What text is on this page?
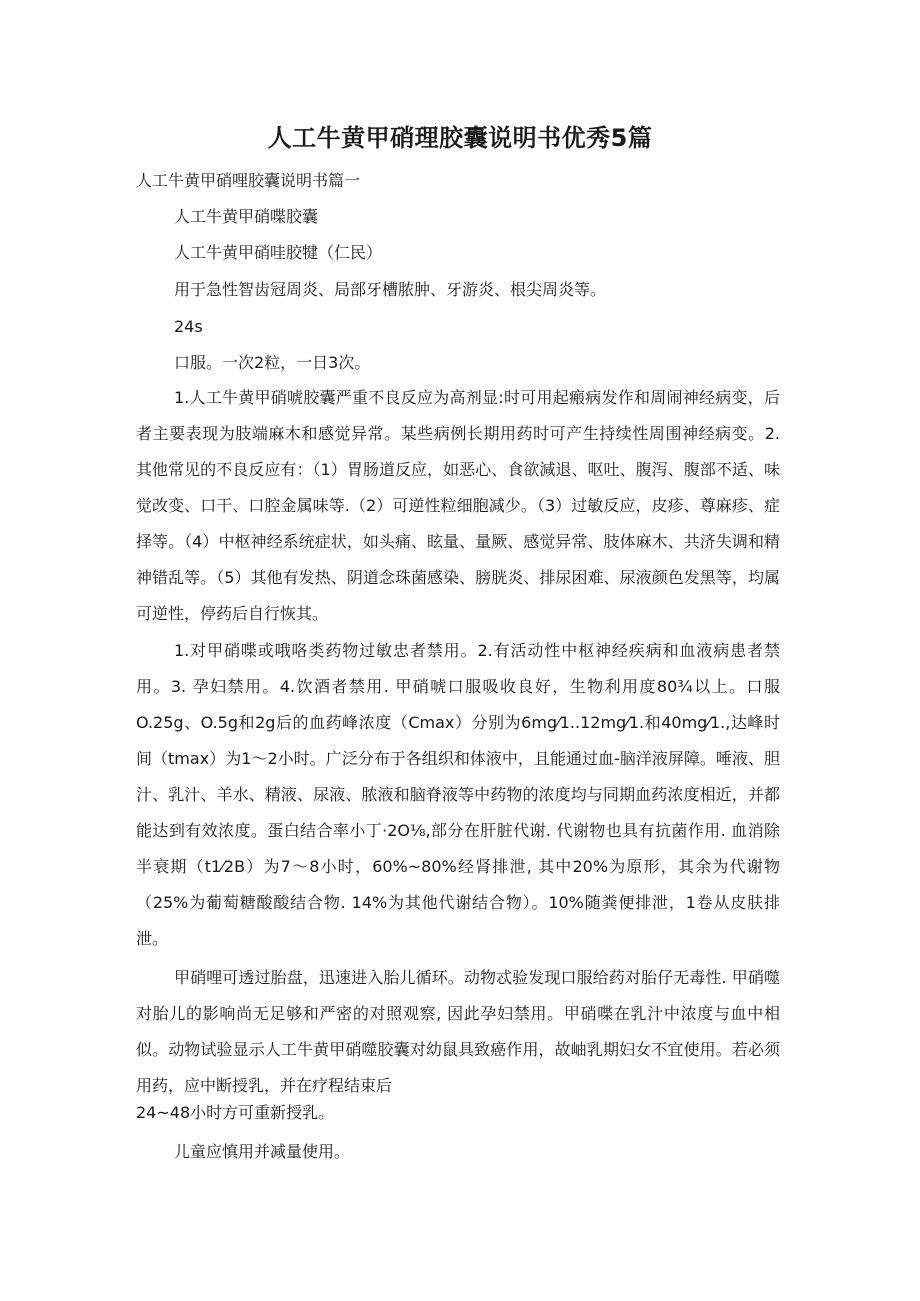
人工牛黄甲硝理胶囊说明书优秀5篇
人工牛黄甲硝哩胶囊说明书篇一
人工牛黄甲硝喋胶囊
人工牛黄甲硝哇胶犍（仁民）
用于急性智齿冠周炎、局部牙槽脓肿、牙游炎、根尖周炎等。
24s
口服。一次2粒，一日3次。
1.人工牛黄甲硝唬胶囊严重不良反应为高剂显:时可用起瘢病发作和周闹神经病变，后者主要表现为肢端麻木和感觉异常。某些病例长期用药时可产生持续性周围神经病变。2. 其他常见的不良反应有：（1）胃肠道反应，如恶心、食欲減退、呕吐、腹泻、腹部不适、味觉改变、口干、口腔金属味等.（2）可逆性粒细胞减少。（3）过敏反应，皮疹、尊麻疹、症择等。（4）中枢神经系统症状，如头痛、眩量、量厥、感觉异常、肢体麻木、共济失调和精神错乱等。（5）其他有发热、阴道念珠菌感染、膀胱炎、排尿困难、尿液颜色发黑等，均属可逆性，停药后自行恢其。
1.对甲硝喋或哦咯类药物过敏忠者禁用。2.有活动性中枢神经疾病和血液病患者禁用。3. 孕妇禁用。4.饮酒者禁用. 甲硝唬口服吸收良好，生物利用度80¾以上。口服O.25g、O.5g和2g后的血药峰浓度（Cmax）分别为6mg⁄1..12mg⁄1.和40mg⁄1.,达峰时间（tmax）为1〜2小时。广泛分布于各组织和体液中，且能通过血-脑洋液屏障。唾液、胆汁、乳汁、羊水、精液、尿液、脓液和脑脊液等中药物的浓度均与同期血药浓度相近，并都能达到有效浓度。蛋白结合率小丁·2O⅛,部分在肝脏代谢. 代谢物也具有抗菌作用. 血消除半衰期（t1⁄2B）为7〜8小时，60%~80%经肾排泄, 其中20%为原形，其余为代谢物（25%为葡萄糖酸酸结合物. 14%为其他代谢结合物）。10%随粪便排泄，1卷从皮肤排泄。
甲硝哩可透过胎盘，迅速进入胎儿循环。动物忒验发现口服给药对胎仔无毒性. 甲硝噬对胎儿的影响尚无足够和严密的对照观察, 因此孕妇禁用。甲硝喋在乳汁中浓度与血中相似。动物试验显示人工牛黄甲硝噬胶囊对幼鼠具致癌作用，故岫乳期妇女不宜使用。若必须用药，应中断授乳，并在疗程结束后
24~48小时方可重新授乳。
儿童应慎用并减量使用。
